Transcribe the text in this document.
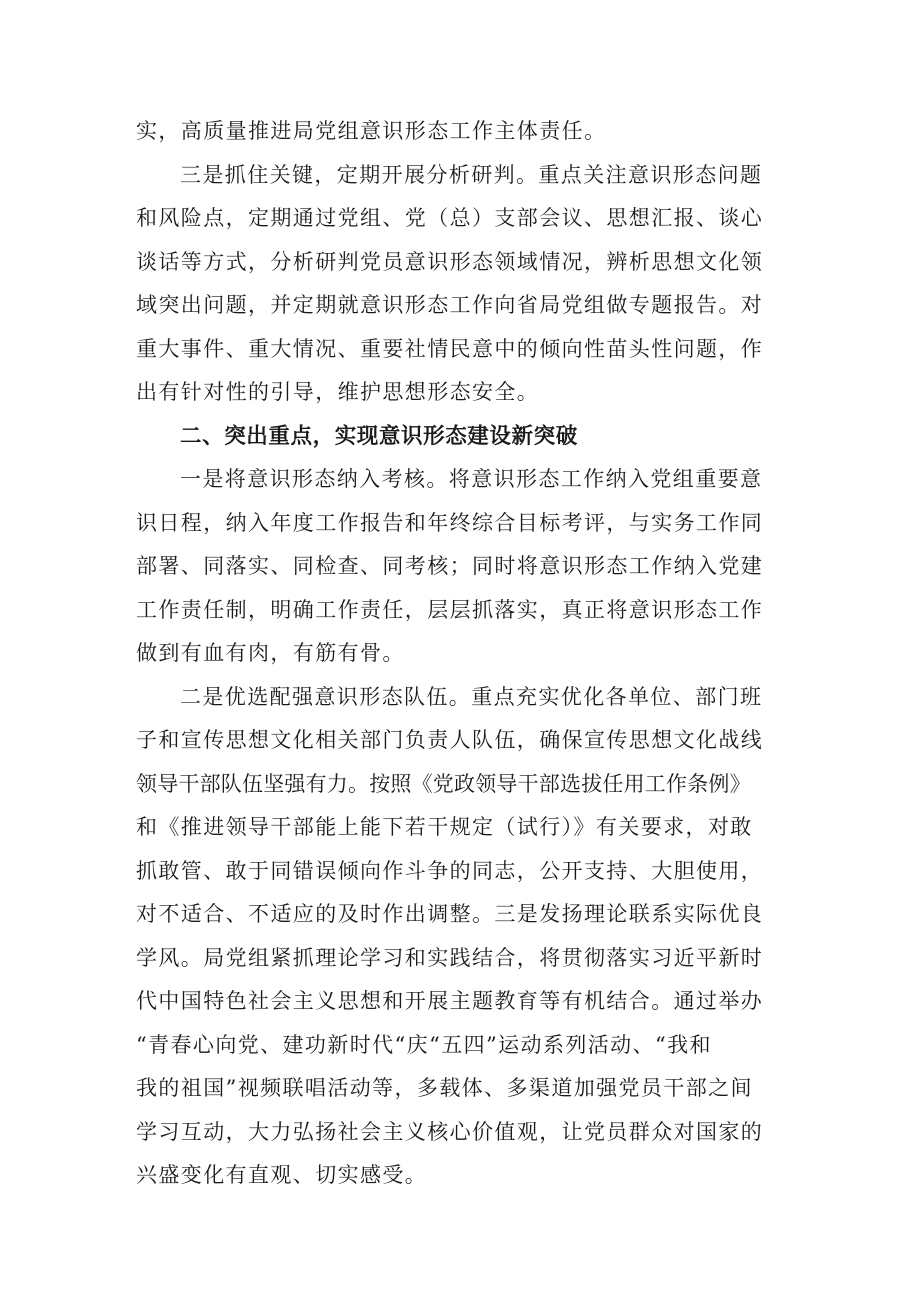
实，高质量推进局党组意识形态工作主体责任。
三是抓住关键，定期开展分析研判。重点关注意识形态问题
和风险点，定期通过党组、党（总）支部会议、思想汇报、谈心
谈话等方式，分析研判党员意识形态领域情况，辨析思想文化领
域突出问题，并定期就意识形态工作向省局党组做专题报告。对
重大事件、重大情况、重要社情民意中的倾向性苗头性问题，作
出有针对性的引导，维护思想形态安全。
二、突出重点，实现意识形态建设新突破
一是将意识形态纳入考核。将意识形态工作纳入党组重要意
识日程，纳入年度工作报告和年终综合目标考评，与实务工作同
部署、同落实、同检查、同考核；同时将意识形态工作纳入党建
工作责任制，明确工作责任，层层抓落实，真正将意识形态工作
做到有血有肉，有筋有骨。
二是优选配强意识形态队伍。重点充实优化各单位、部门班
子和宣传思想文化相关部门负责人队伍，确保宣传思想文化战线
领导干部队伍坚强有力。按照《党政领导干部选拔任用工作条例》
和《推进领导干部能上能下若干规定（试行）》有关要求，对敢
抓敢管、敢于同错误倾向作斗争的同志，公开支持、大胆使用，
对不适合、不适应的及时作出调整。三是发扬理论联系实际优良
学风。局党组紧抓理论学习和实践结合，将贯彻落实习近平新时
代中国特色社会主义思想和开展主题教育等有机结合。通过举办
“青春心向党、建功新时代“庆“五四”运动系列活动、“我和
我的祖国”视频联唱活动等，多载体、多渠道加强党员干部之间
学习互动，大力弘扬社会主义核心价值观，让党员群众对国家的
兴盛变化有直观、切实感受。
